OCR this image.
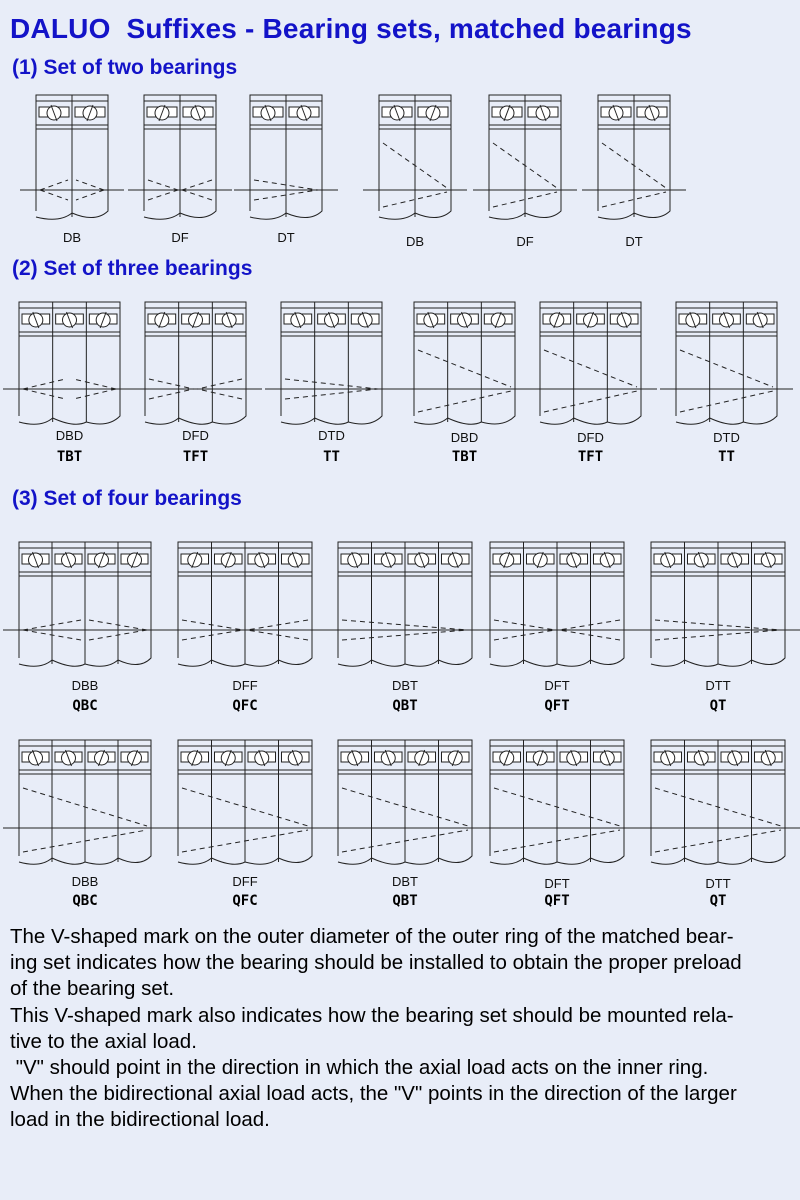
DALUO  Suffixes - Bearing sets, matched bearings
(1) Set of two bearings
(2) Set of three bearings
(3) Set of four bearings
DB	DF	DT	DB	DF	DT
DBD
TBT
DFD
TFT
DTD
TT
DBD
TBT
DFD
TFT
DTD
TT
DBB
QBC
DFF
QFC
DBT
QBT
DFT
QFT
DTT
QT
DBB
QBC
DFF
QFC
DBT
QBT
DFT
QFT
DTT
QT

The V-shaped mark on the outer diameter of the outer ring of the matched bear-

ing set indicates how the bearing should be installed to obtain the proper preload

of the bearing set.

This V-shaped mark also indicates how the bearing set should be mounted rela-

tive to the axial load.

"V" should point in the direction in which the axial load acts on the inner ring.

When the bidirectional axial load acts, the "V" points in the direction of the larger

load in the bidirectional load.
